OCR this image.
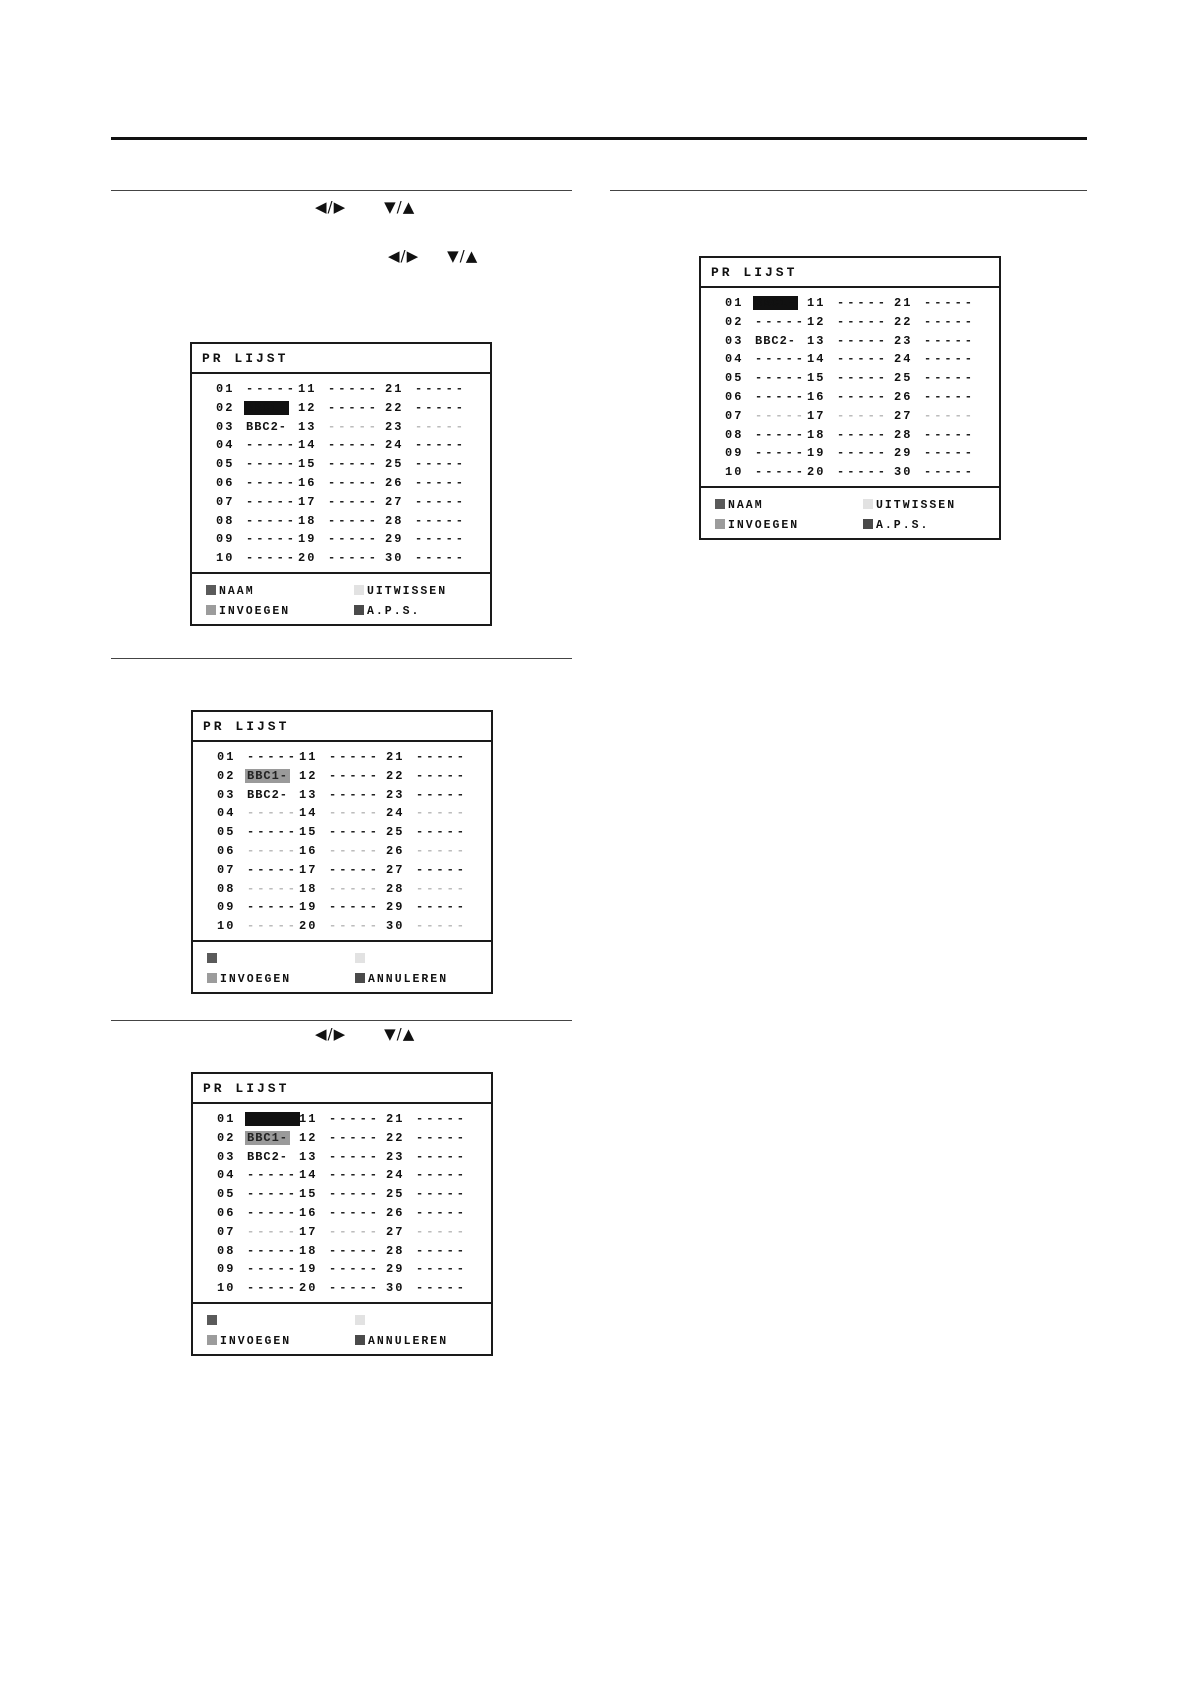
◀/▶	▼/▲
◀/▶ ▼/▲
◀/▶	▼/▲
PR LIJST
01 ----- 11 ----- 21 -----
02 BBC1- 12 ----- 22 -----
03 BBC2- 13 ----- 23 -----
04 ----- 14 ----- 24 -----
05 ----- 15 ----- 25 -----
06 ----- 16 ----- 26 -----
07 ----- 17 ----- 27 -----
08 ----- 18 ----- 28 -----
09 ----- 19 ----- 29 -----
10 ----- 20 ----- 30 -----
NAAM	UITWISSEN
INVOEGEN	A.P.S.
PR LIJST
01 ----- 11 ----- 21 -----
02 BBC1- 12 ----- 22 -----
03 BBC2- 13 ----- 23 -----
04 ----- 14 ----- 24 -----
05 ----- 15 ----- 25 -----
06 ----- 16 ----- 26 -----
07 ----- 17 ----- 27 -----
08 ----- 18 ----- 28 -----
09 ----- 19 ----- 29 -----
10 ----- 20 ----- 30 -----
INVOEGEN	ANNULEREN
PR LIJST
01 ----- 11 ----- 21 -----
02 BBC1- 12 ----- 22 -----
03 BBC2- 13 ----- 23 -----
04 ----- 14 ----- 24 -----
05 ----- 15 ----- 25 -----
06 ----- 16 ----- 26 -----
07 ----- 17 ----- 27 -----
08 ----- 18 ----- 28 -----
09 ----- 19 ----- 29 -----
10 ----- 20 ----- 30 -----
INVOEGEN	ANNULEREN
PR LIJST
01 BBC1- 11 ----- 21 -----
02 ----- 12 ----- 22 -----
03 BBC2- 13 ----- 23 -----
04 ----- 14 ----- 24 -----
05 ----- 15 ----- 25 -----
06 ----- 16 ----- 26 -----
07 ----- 17 ----- 27 -----
08 ----- 18 ----- 28 -----
09 ----- 19 ----- 29 -----
10 ----- 20 ----- 30 -----
NAAM	UITWISSEN
INVOEGEN	A.P.S.
